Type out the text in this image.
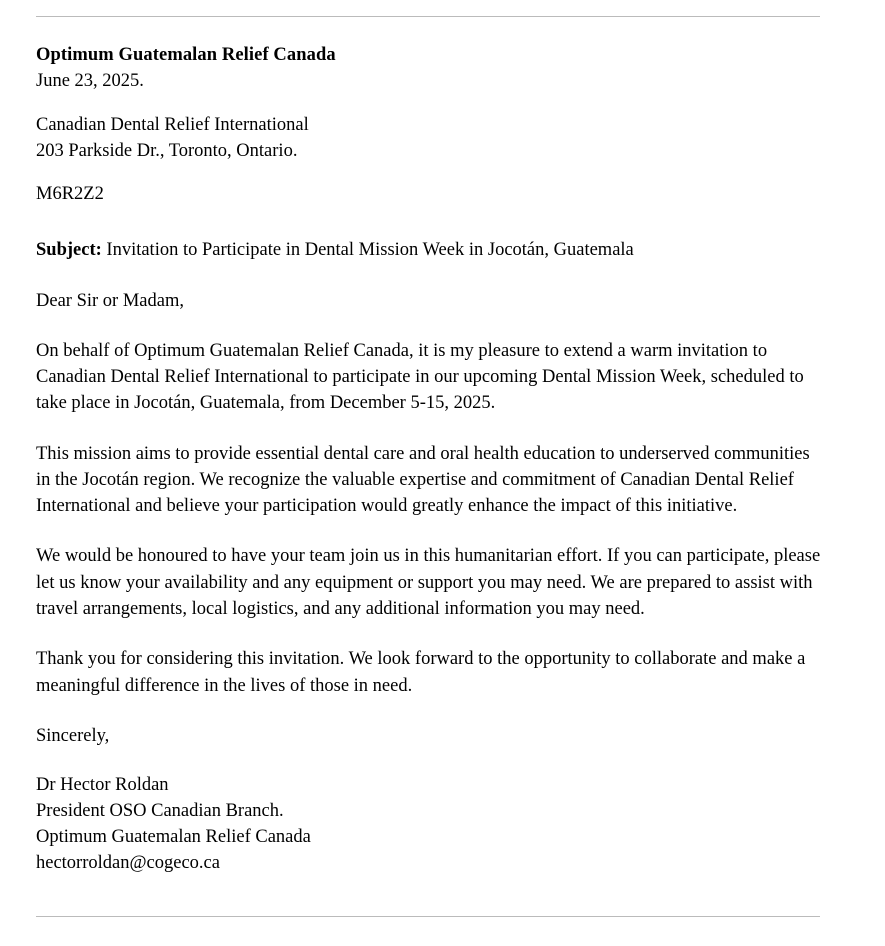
Optimum Guatemalan Relief Canada
June 23, 2025.
Canadian Dental Relief International
203 Parkside Dr., Toronto, Ontario.
M6R2Z2
Subject: Invitation to Participate in Dental Mission Week in Jocotán, Guatemala
Dear Sir or Madam,

On behalf of Optimum Guatemalan Relief Canada, it is my pleasure to extend a warm invitation to Canadian Dental Relief International to participate in our upcoming Dental Mission Week, scheduled to take place in Jocotán, Guatemala, from December 5-15, 2025.

This mission aims to provide essential dental care and oral health education to underserved communities in the Jocotán region. We recognize the valuable expertise and commitment of Canadian Dental Relief International and believe your participation would greatly enhance the impact of this initiative.

We would be honoured to have your team join us in this humanitarian effort. If you can participate, please let us know your availability and any equipment or support you may need. We are prepared to assist with travel arrangements, local logistics, and any additional information you may need.

Thank you for considering this invitation. We look forward to the opportunity to collaborate and make a meaningful difference in the lives of those in need.

Sincerely,
Dr Hector Roldan
President OSO Canadian Branch.
Optimum Guatemalan Relief Canada
hectorroldan@cogeco.ca
